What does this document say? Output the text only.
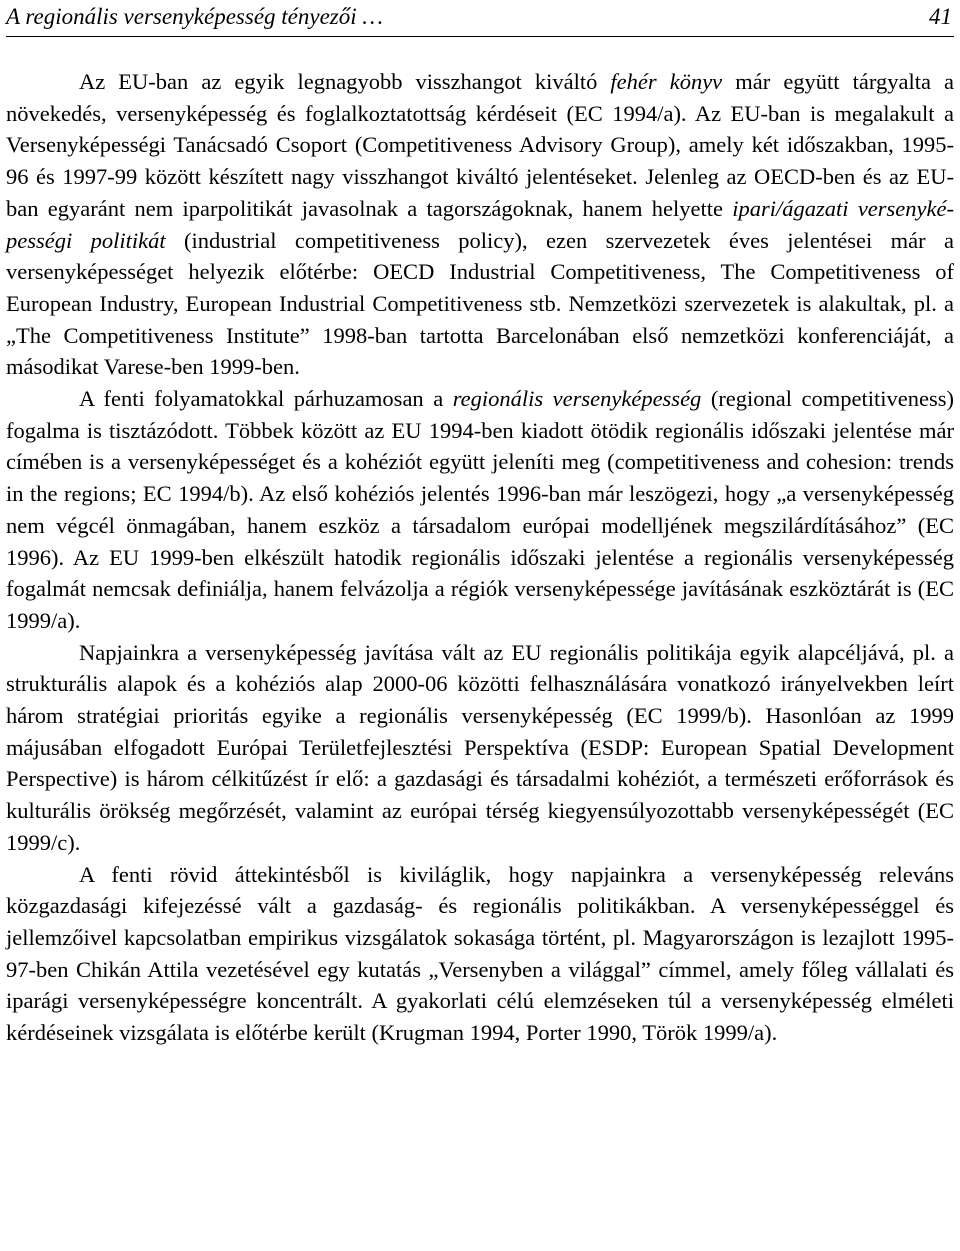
A regionális versenyképesség tényezői …	41

Az EU-ban az egyik legnagyobb visszhangot kiváltó fehér könyv már együtt tárgyalta a növekedés, versenyképesség és foglalkoztatottság kérdéseit (EC 1994/a). Az EU-ban is megalakult a Versenyképességi Tanácsadó Csoport (Competitiveness Advisory Group), amely két időszakban, 1995-96 és 1997-99 között készített nagy visszhangot kiváltó jelentéseket. Jelenleg az OECD-ben és az EU-ban egyaránt nem iparpolitikát javasolnak a tagországoknak, hanem helyette ipari/ágazati versenyképességi politikát (industrial competitiveness policy), ezen szervezetek éves jelentései már a versenyképességet helyezik előtérbe: OECD Industrial Competitiveness, The Competitiveness of European Industry, European Industrial Competitiveness stb. Nemzetközi szervezetek is alakultak, pl. a „The Competitiveness Institute” 1998-ban tartotta Barcelonában első nemzetközi konferenciáját, a másodikat Varese-ben 1999-ben.

A fenti folyamatokkal párhuzamosan a regionális versenyképesség (regional competitiveness) fogalma is tisztázódott. Többek között az EU 1994-ben kiadott ötödik regionális időszaki jelentése már címében is a versenyképességet és a kohéziót együtt jeleníti meg (competitiveness and cohesion: trends in the regions; EC 1994/b). Az első kohéziós jelentés 1996-ban már leszögezi, hogy „a versenyképesség nem végcél önmagában, hanem eszköz a társadalom európai modelljének megszilárdításához” (EC 1996). Az EU 1999-ben elkészült hatodik regionális időszaki jelentése a regionális versenyképesség fogalmát nemcsak definiálja, hanem felvázolja a régiók versenyképessége javításának eszköztárát is (EC 1999/a).

Napjainkra a versenyképesség javítása vált az EU regionális politikája egyik alapcéljává, pl. a strukturális alapok és a kohéziós alap 2000-06 közötti felhasználására vonatkozó irányelvekben leírt három stratégiai prioritás egyike a regionális versenyképesség (EC 1999/b). Hasonlóan az 1999 májusában elfogadott Európai Területfejlesztési Perspektíva (ESDP: European Spatial Development Perspective) is három célkitűzést ír elő: a gazdasági és társadalmi kohéziót, a természeti erőforrások és kulturális örökség megőrzését, valamint az európai térség kiegyensúlyozottabb versenyképességét (EC 1999/c).

A fenti rövid áttekintésből is kiviláglik, hogy napjainkra a versenyképesség releváns közgazdasági kifejezéssé vált a gazdaság- és regionális politikákban. A versenyképességgel és jellemzőivel kapcsolatban empirikus vizsgálatok sokasága történt, pl. Magyarországon is lezajlott 1995-97-ben Chikán Attila vezetésével egy kutatás „Versenyben a világgal” címmel, amely főleg vállalati és iparági versenyképességre koncentrált. A gyakorlati célú elemzéseken túl a versenyképesség elméleti kérdéseinek vizsgálata is előtérbe került (Krugman 1994, Porter 1990, Török 1999/a).
